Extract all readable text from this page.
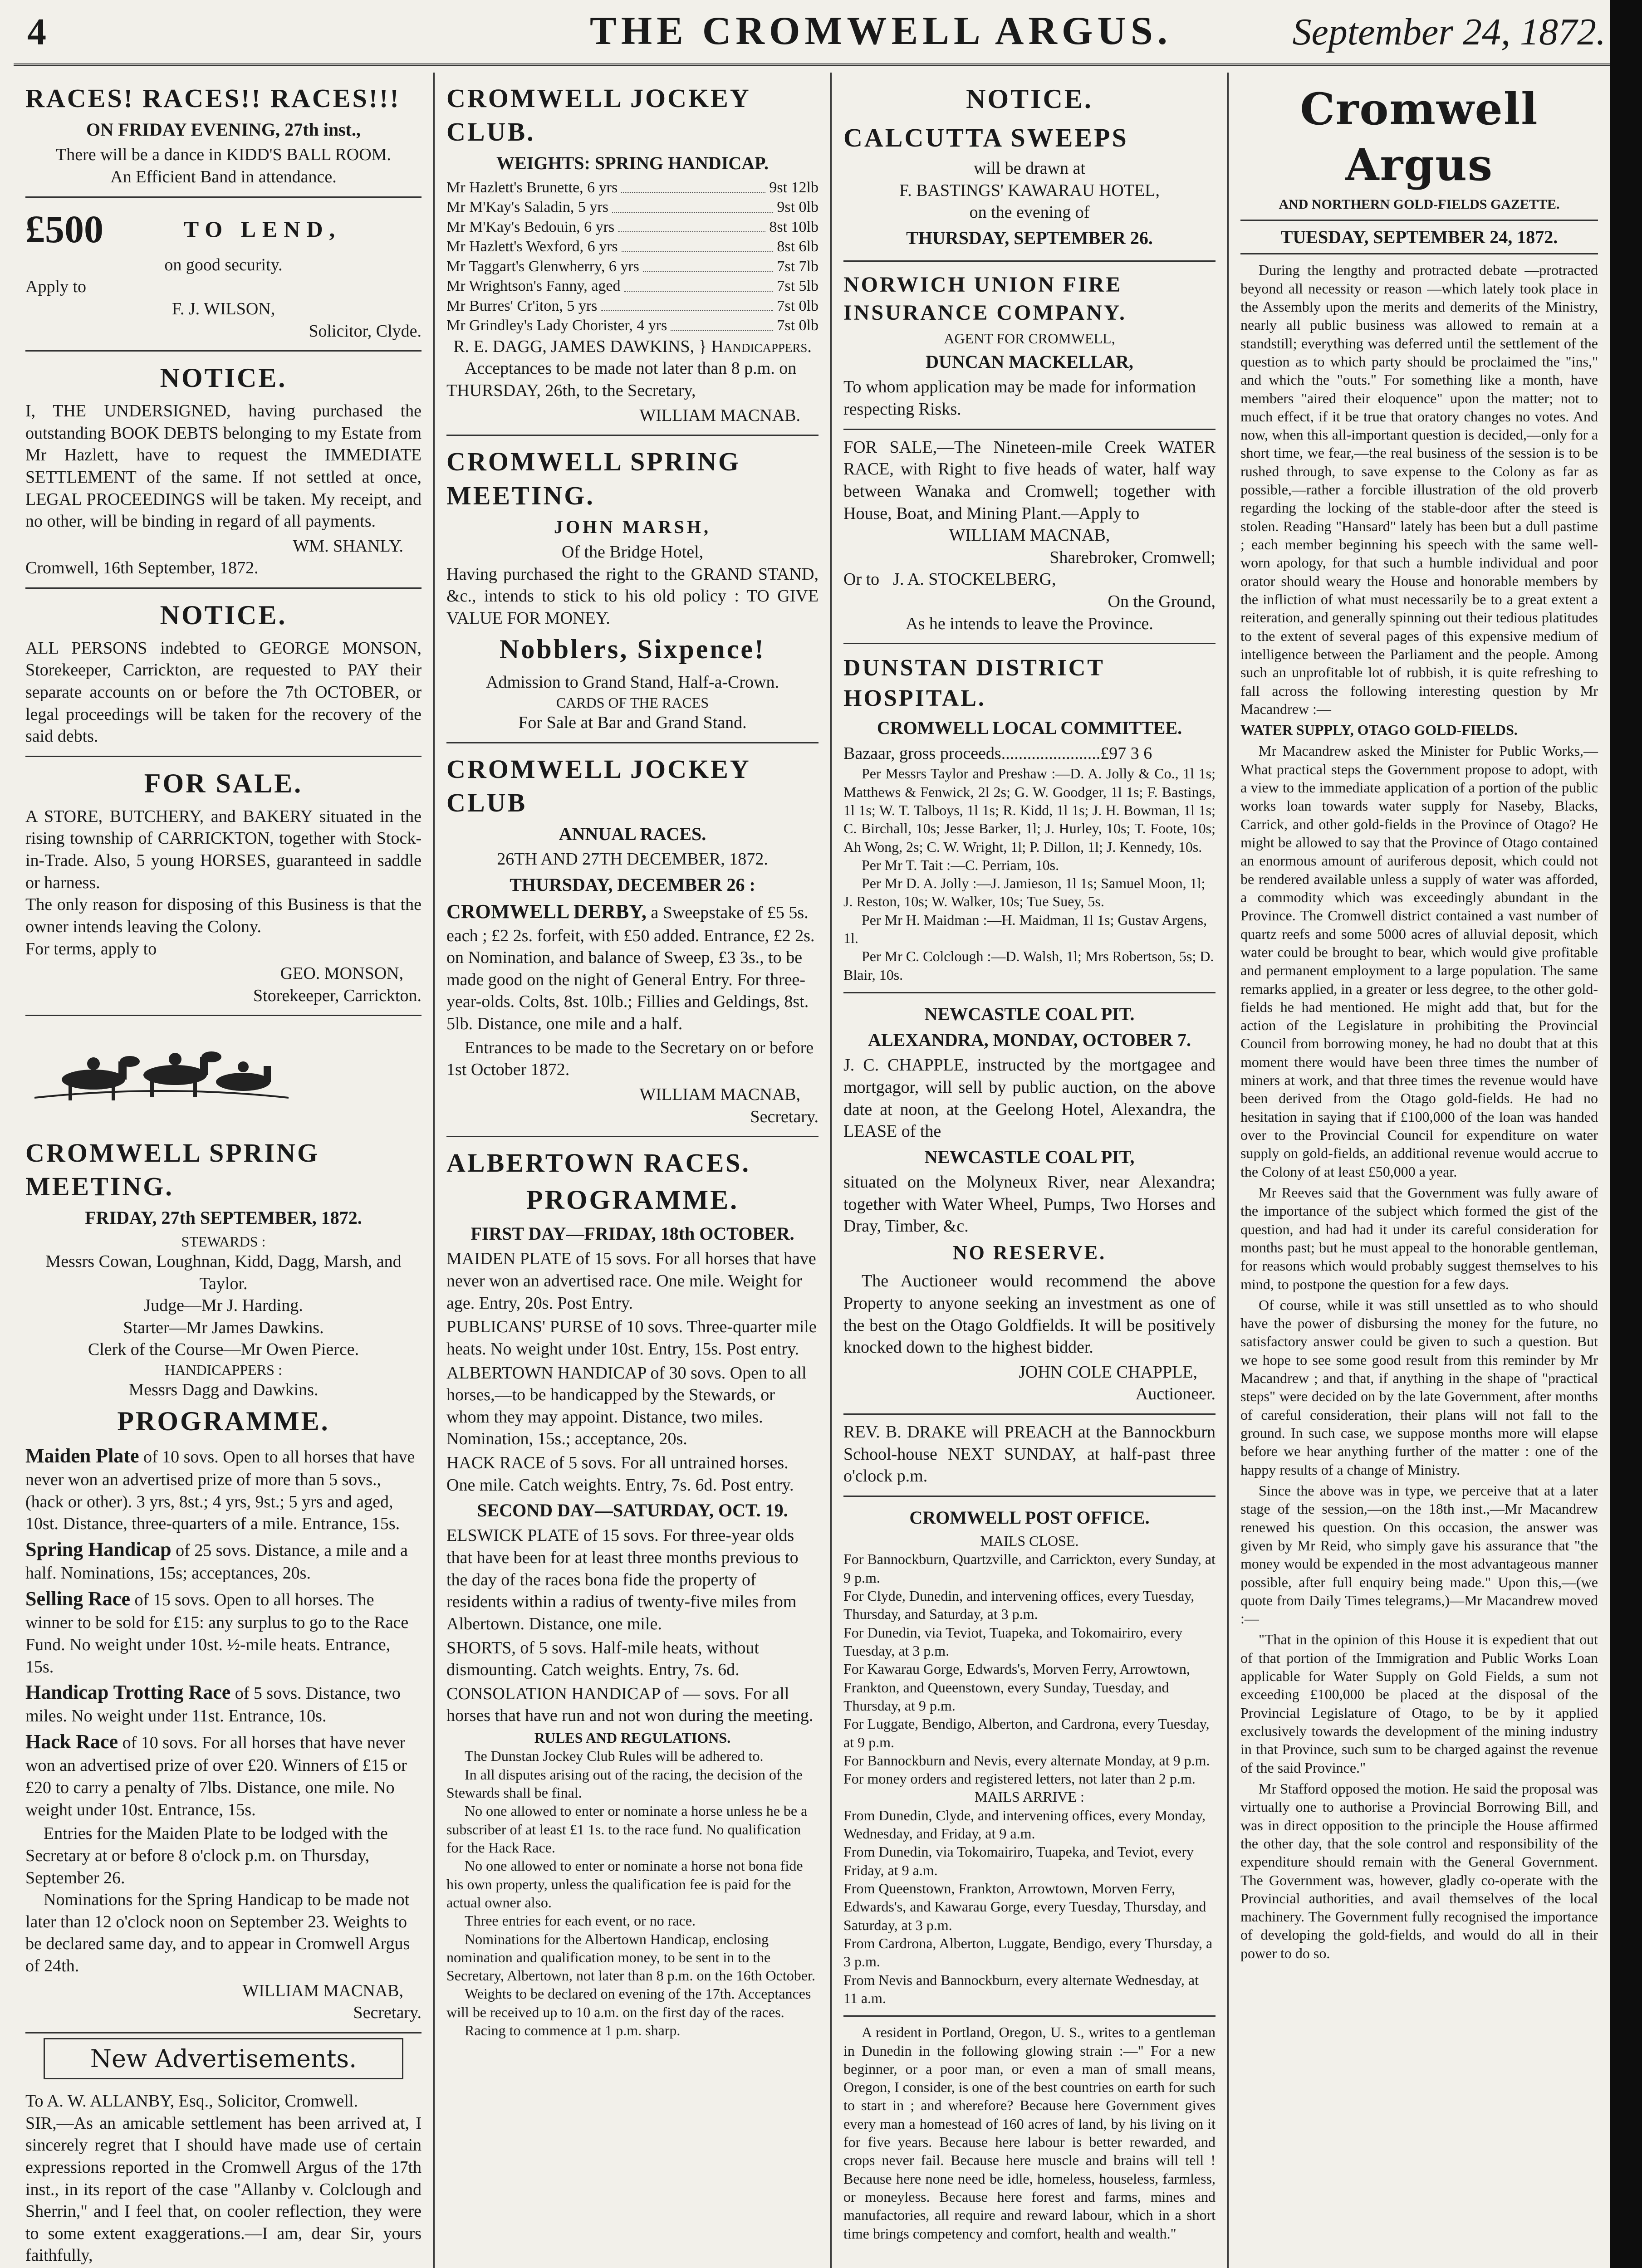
4	THE CROMWELL ARGUS.	September 24, 1872.
RACES! RACES!! RACES!!!
ON FRIDAY EVENING, 27th inst.,
There will be a dance in KIDD'S BALL ROOM.
An Efficient Band in attendance.
£500	TO LEND,
on good security.
Apply to
F. J. WILSON,
Solicitor, Clyde.
NOTICE.
I, THE UNDERSIGNED, having purchased the outstanding BOOK DEBTS belonging to my Estate from Mr Hazlett, have to request the IMMEDIATE SETTLEMENT of the same. If not settled at once, LEGAL PROCEEDINGS will be taken. My receipt, and no other, will be binding in regard of all payments.
WM. SHANLY.
Cromwell, 16th September, 1872.
NOTICE.
ALL PERSONS indebted to GEORGE MONSON, Storekeeper, Carrickton, are requested to PAY their separate accounts on or before the 7th OCTOBER, or legal proceedings will be taken for the recovery of the said debts.
FOR SALE.
A STORE, BUTCHERY, and BAKERY situated in the rising township of CARRICKTON, together with Stock-in-Trade. Also, 5 young HORSES, guaranteed in saddle or harness.
The only reason for disposing of this Business is that the owner intends leaving the Colony.
For terms, apply to
GEO. MONSON,
Storekeeper, Carrickton.
CROMWELL SPRING MEETING.
FRIDAY, 27th SEPTEMBER, 1872.
STEWARDS :
Messrs Cowan, Loughnan, Kidd, Dagg, Marsh, and Taylor.
Judge—Mr J. Harding.
Starter—Mr James Dawkins.
Clerk of the Course—Mr Owen Pierce.
HANDICAPPERS :
Messrs Dagg and Dawkins.
PROGRAMME.
Maiden Plate of 10 sovs. Open to all horses that have never won an advertised prize of more than 5 sovs., (hack or other). 3 yrs, 8st.; 4 yrs, 9st.; 5 yrs and aged, 10st. Distance, three-quarters of a mile. Entrance, 15s.
Spring Handicap of 25 sovs. Distance, a mile and a half. Nominations, 15s; acceptances, 20s.
Selling Race of 15 sovs. Open to all horses. The winner to be sold for £15: any surplus to go to the Race Fund. No weight under 10st. ½-mile heats. Entrance, 15s.
Handicap Trotting Race of 5 sovs. Distance, two miles. No weight under 11st. Entrance, 10s.
Hack Race of 10 sovs. For all horses that have never won an advertised prize of over £20. Winners of £15 or £20 to carry a penalty of 7lbs. Distance, one mile. No weight under 10st. Entrance, 15s.
Entries for the Maiden Plate to be lodged with the Secretary at or before 8 o'clock p.m. on Thursday, September 26.
Nominations for the Spring Handicap to be made not later than 12 o'clock noon on September 23. Weights to be declared same day, and to appear in Cromwell Argus of 24th.
WILLIAM MACNAB,
Secretary.
New Advertisements.
To A. W. ALLANBY, Esq., Solicitor, Cromwell.
SIR,—As an amicable settlement has been arrived at, I sincerely regret that I should have made use of certain expressions reported in the Cromwell Argus of the 17th inst., in its report of the case "Allanby v. Colclough and Sherrin," and I feel that, on cooler reflection, they were to some extent exaggerations.—I am, dear Sir, yours faithfully,
CROMWELL JOCKEY CLUB.
WEIGHTS: SPRING HANDICAP.
Mr Hazlett's Brunette, 6 yrs	9st 12lb
Mr M'Kay's Saladin, 5 yrs	9st 0lb
Mr M'Kay's Bedouin, 6 yrs	8st 10lb
Mr Hazlett's Wexford, 6 yrs	8st 6lb
Mr Taggart's Glenwherry, 6 yrs	7st 7lb
Mr Wrightson's Fanny, aged	7st 5lb
Mr Burres' Cr'iton, 5 yrs	7st 0lb
Mr Grindley's Lady Chorister, 4 yrs	7st 0lb
R. E. DAGG, JAMES DAWKINS, } Handicappers.
Acceptances to be made not later than 8 p.m. on THURSDAY, 26th, to the Secretary,
WILLIAM MACNAB.
CROMWELL SPRING MEETING.
JOHN MARSH,
Of the Bridge Hotel,
Having purchased the right to the GRAND STAND, &c., intends to stick to his old policy : TO GIVE VALUE FOR MONEY.
Nobblers, Sixpence!
Admission to Grand Stand, Half-a-Crown.
CARDS OF THE RACES
For Sale at Bar and Grand Stand.
CROMWELL JOCKEY CLUB
ANNUAL RACES.
26TH AND 27TH DECEMBER, 1872.
THURSDAY, DECEMBER 26 :
CROMWELL DERBY, a Sweepstake of £5 5s. each ; £2 2s. forfeit, with £50 added. Entrance, £2 2s. on Nomination, and balance of Sweep, £3 3s., to be made good on the night of General Entry. For three-year-olds. Colts, 8st. 10lb.; Fillies and Geldings, 8st. 5lb. Distance, one mile and a half.
Entrances to be made to the Secretary on or before 1st October 1872.
WILLIAM MACNAB,
Secretary.
ALBERTOWN RACES.
PROGRAMME.
FIRST DAY—FRIDAY, 18th OCTOBER.
MAIDEN PLATE of 15 sovs. For all horses that have never won an advertised race. One mile. Weight for age. Entry, 20s. Post Entry.
PUBLICANS' PURSE of 10 sovs. Three-quarter mile heats. No weight under 10st. Entry, 15s. Post entry.
ALBERTOWN HANDICAP of 30 sovs. Open to all horses,—to be handicapped by the Stewards, or whom they may appoint. Distance, two miles. Nomination, 15s.; acceptance, 20s.
HACK RACE of 5 sovs. For all untrained horses. One mile. Catch weights. Entry, 7s. 6d. Post entry.
SECOND DAY—SATURDAY, OCT. 19.
ELSWICK PLATE of 15 sovs. For three-year olds that have been for at least three months previous to the day of the races bona fide the property of residents within a radius of twenty-five miles from Albertown. Distance, one mile.
SHORTS, of 5 sovs. Half-mile heats, without dismounting. Catch weights. Entry, 7s. 6d.
CONSOLATION HANDICAP of — sovs. For all horses that have run and not won during the meeting.
RULES AND REGULATIONS.
The Dunstan Jockey Club Rules will be adhered to.
In all disputes arising out of the racing, the decision of the Stewards shall be final.
No one allowed to enter or nominate a horse unless he be a subscriber of at least £1 1s. to the race fund. No qualification for the Hack Race.
No one allowed to enter or nominate a horse not bona fide his own property, unless the qualification fee is paid for the actual owner also.
Three entries for each event, or no race.
Nominations for the Albertown Handicap, enclosing nomination and qualification money, to be sent in to the Secretary, Albertown, not later than 8 p.m. on the 16th October.
Weights to be declared on evening of the 17th. Acceptances will be received up to 10 a.m. on the first day of the races.
Racing to commence at 1 p.m. sharp.
NOTICE.
CALCUTTA SWEEPS
will be drawn at
F. BASTINGS' KAWARAU HOTEL,
on the evening of
THURSDAY, SEPTEMBER 26.
NORWICH UNION FIRE INSURANCE COMPANY.
AGENT FOR CROMWELL,
DUNCAN MACKELLAR,
To whom application may be made for information respecting Risks.
FOR SALE,—The Nineteen-mile Creek WATER RACE, with Right to five heads of water, half way between Wanaka and Cromwell; together with House, Boat, and Mining Plant.—Apply to
WILLIAM MACNAB,
Sharebroker, Cromwell;
Or to J. A. STOCKELBERG,
On the Ground,
As he intends to leave the Province.
DUNSTAN DISTRICT HOSPITAL.
CROMWELL LOCAL COMMITTEE.
Bazaar, gross proceeds.......................£97 3 6
Per Messrs Taylor and Preshaw :—D. A. Jolly & Co., 1l 1s; Matthews & Fenwick, 2l 2s; G. W. Goodger, 1l 1s; F. Bastings, 1l 1s; W. T. Talboys, 1l 1s; R. Kidd, 1l 1s; J. H. Bowman, 1l 1s; C. Birchall, 10s; Jesse Barker, 1l; J. Hurley, 10s; T. Foote, 10s; Ah Wong, 2s; C. W. Wright, 1l; P. Dillon, 1l; J. Kennedy, 10s.
Per Mr T. Tait :—C. Perriam, 10s.
Per Mr D. A. Jolly :—J. Jamieson, 1l 1s; Samuel Moon, 1l; J. Reston, 10s; W. Walker, 10s; Tue Suey, 5s.
Per Mr H. Maidman :—H. Maidman, 1l 1s; Gustav Argens, 1l.
Per Mr C. Colclough :—D. Walsh, 1l; Mrs Robertson, 5s; D. Blair, 10s.
NEWCASTLE COAL PIT.
ALEXANDRA, MONDAY, OCTOBER 7.
J. C. CHAPPLE, instructed by the mortgagee and mortgagor, will sell by public auction, on the above date at noon, at the Geelong Hotel, Alexandra, the LEASE of the
NEWCASTLE COAL PIT,
situated on the Molyneux River, near Alexandra; together with Water Wheel, Pumps, Two Horses and Dray, Timber, &c.
NO RESERVE.
The Auctioneer would recommend the above Property to anyone seeking an investment as one of the best on the Otago Goldfields. It will be positively knocked down to the highest bidder.
JOHN COLE CHAPPLE,
Auctioneer.
REV. B. DRAKE will PREACH at the Bannockburn School-house NEXT SUNDAY, at half-past three o'clock p.m.
CROMWELL POST OFFICE.
MAILS CLOSE.
For Bannockburn, Quartzville, and Carrickton, every Sunday, at 9 p.m.
For Clyde, Dunedin, and intervening offices, every Tuesday, Thursday, and Saturday, at 3 p.m.
For Dunedin, via Teviot, Tuapeka, and Tokomairiro, every Tuesday, at 3 p.m.
For Kawarau Gorge, Edwards's, Morven Ferry, Arrowtown, Frankton, and Queenstown, every Sunday, Tuesday, and Thursday, at 9 p.m.
For Luggate, Bendigo, Alberton, and Cardrona, every Tuesday, at 9 p.m.
For Bannockburn and Nevis, every alternate Monday, at 9 p.m.
For money orders and registered letters, not later than 2 p.m.
MAILS ARRIVE :
From Dunedin, Clyde, and intervening offices, every Monday, Wednesday, and Friday, at 9 a.m.
From Dunedin, via Tokomairiro, Tuapeka, and Teviot, every Friday, at 9 a.m.
From Queenstown, Frankton, Arrowtown, Morven Ferry, Edwards's, and Kawarau Gorge, every Tuesday, Thursday, and Saturday, at 3 p.m.
From Cardrona, Alberton, Luggate, Bendigo, every Thursday, a 3 p.m.
From Nevis and Bannockburn, every alternate Wednesday, at 11 a.m.
A resident in Portland, Oregon, U. S., writes to a gentleman in Dunedin in the following glowing strain :—" For a new beginner, or a poor man, or even a man of small means, Oregon, I consider, is one of the best countries on earth for such to start in ; and wherefore? Because here Government gives every man a homestead of 160 acres of land, by his living on it for five years. Because here labour is better rewarded, and crops never fail. Because here muscle and brains will tell ! Because here none need be idle, homeless, houseless, farmless, or moneyless. Because here forest and farms, mines and manufactories, all require and reward labour, which in a short time brings competency and comfort, health and wealth."
Cromwell Argus
AND NORTHERN GOLD-FIELDS GAZETTE.
TUESDAY, SEPTEMBER 24, 1872.

During the lengthy and protracted debate —protracted beyond all necessity or reason —which lately took place in the Assembly upon the merits and demerits of the Ministry, nearly all public business was allowed to remain at a standstill; everything was deferred until the settlement of the question as to which party should be proclaimed the "ins," and which the "outs." For something like a month, have members "aired their eloquence" upon the matter; not to much effect, if it be true that oratory changes no votes. And now, when this all-important question is decided,—only for a short time, we fear,—the real business of the session is to be rushed through, to save expense to the Colony as far as possible,—rather a forcible illustration of the old proverb regarding the locking of the stable-door after the steed is stolen. Reading "Hansard" lately has been but a dull pastime ; each member beginning his speech with the same well-worn apology, for that such a humble individual and poor orator should weary the House and honorable members by the infliction of what must necessarily be to a great extent a reiteration, and generally spinning out their tedious platitudes to the extent of several pages of this expensive medium of intelligence between the Parliament and the people. Among such an unprofitable lot of rubbish, it is quite refreshing to fall across the following interesting question by Mr Macandrew :—

WATER SUPPLY, OTAGO GOLD-FIELDS.

Mr Macandrew asked the Minister for Public Works,—What practical steps the Government propose to adopt, with a view to the immediate application of a portion of the public works loan towards water supply for Naseby, Blacks, Carrick, and other gold-fields in the Province of Otago? He might be allowed to say that the Province of Otago contained an enormous amount of auriferous deposit, which could not be rendered available unless a supply of water was afforded, a commodity which was exceedingly abundant in the Province. The Cromwell district contained a vast number of quartz reefs and some 5000 acres of alluvial deposit, which water could be brought to bear, which would give profitable and permanent employment to a large population. The same remarks applied, in a greater or less degree, to the other gold-fields he had mentioned. He might add that, but for the action of the Legislature in prohibiting the Provincial Council from borrowing money, he had no doubt that at this moment there would have been three times the number of miners at work, and that three times the revenue would have been derived from the Otago gold-fields. He had no hesitation in saying that if £100,000 of the loan was handed over to the Provincial Council for expenditure on water supply on gold-fields, an additional revenue would accrue to the Colony of at least £50,000 a year.

Mr Reeves said that the Government was fully aware of the importance of the subject which formed the gist of the question, and had had it under its careful consideration for months past; but he must appeal to the honorable gentleman, for reasons which would probably suggest themselves to his mind, to postpone the question for a few days.

Of course, while it was still unsettled as to who should have the power of disbursing the money for the future, no satisfactory answer could be given to such a question. But we hope to see some good result from this reminder by Mr Macandrew ; and that, if anything in the shape of "practical steps" were decided on by the late Government, after months of careful consideration, their plans will not fall to the ground. In such case, we suppose months more will elapse before we hear anything further of the matter : one of the happy results of a change of Ministry.

Since the above was in type, we perceive that at a later stage of the session,—on the 18th inst.,—Mr Macandrew renewed his question. On this occasion, the answer was given by Mr Reid, who simply gave his assurance that "the money would be expended in the most advantageous manner possible, after full enquiry being made." Upon this,—(we quote from Daily Times telegrams,)—Mr Macandrew moved :—

"That in the opinion of this House it is expedient that out of that portion of the Immigration and Public Works Loan applicable for Water Supply on Gold Fields, a sum not exceeding £100,000 be placed at the disposal of the Provincial Legislature of Otago, to be by it applied exclusively towards the development of the mining industry in that Province, such sum to be charged against the revenue of the said Province."

Mr Stafford opposed the motion. He said the proposal was virtually one to authorise a Provincial Borrowing Bill, and was in direct opposition to the principle the House affirmed the other day, that the sole control and responsibility of the expenditure should remain with the General Government. The Government was, however, gladly co-operate with the Provincial authorities, and avail themselves of the local machinery. The Government fully recognised the importance of developing the gold-fields, and would do all in their power to do so.
